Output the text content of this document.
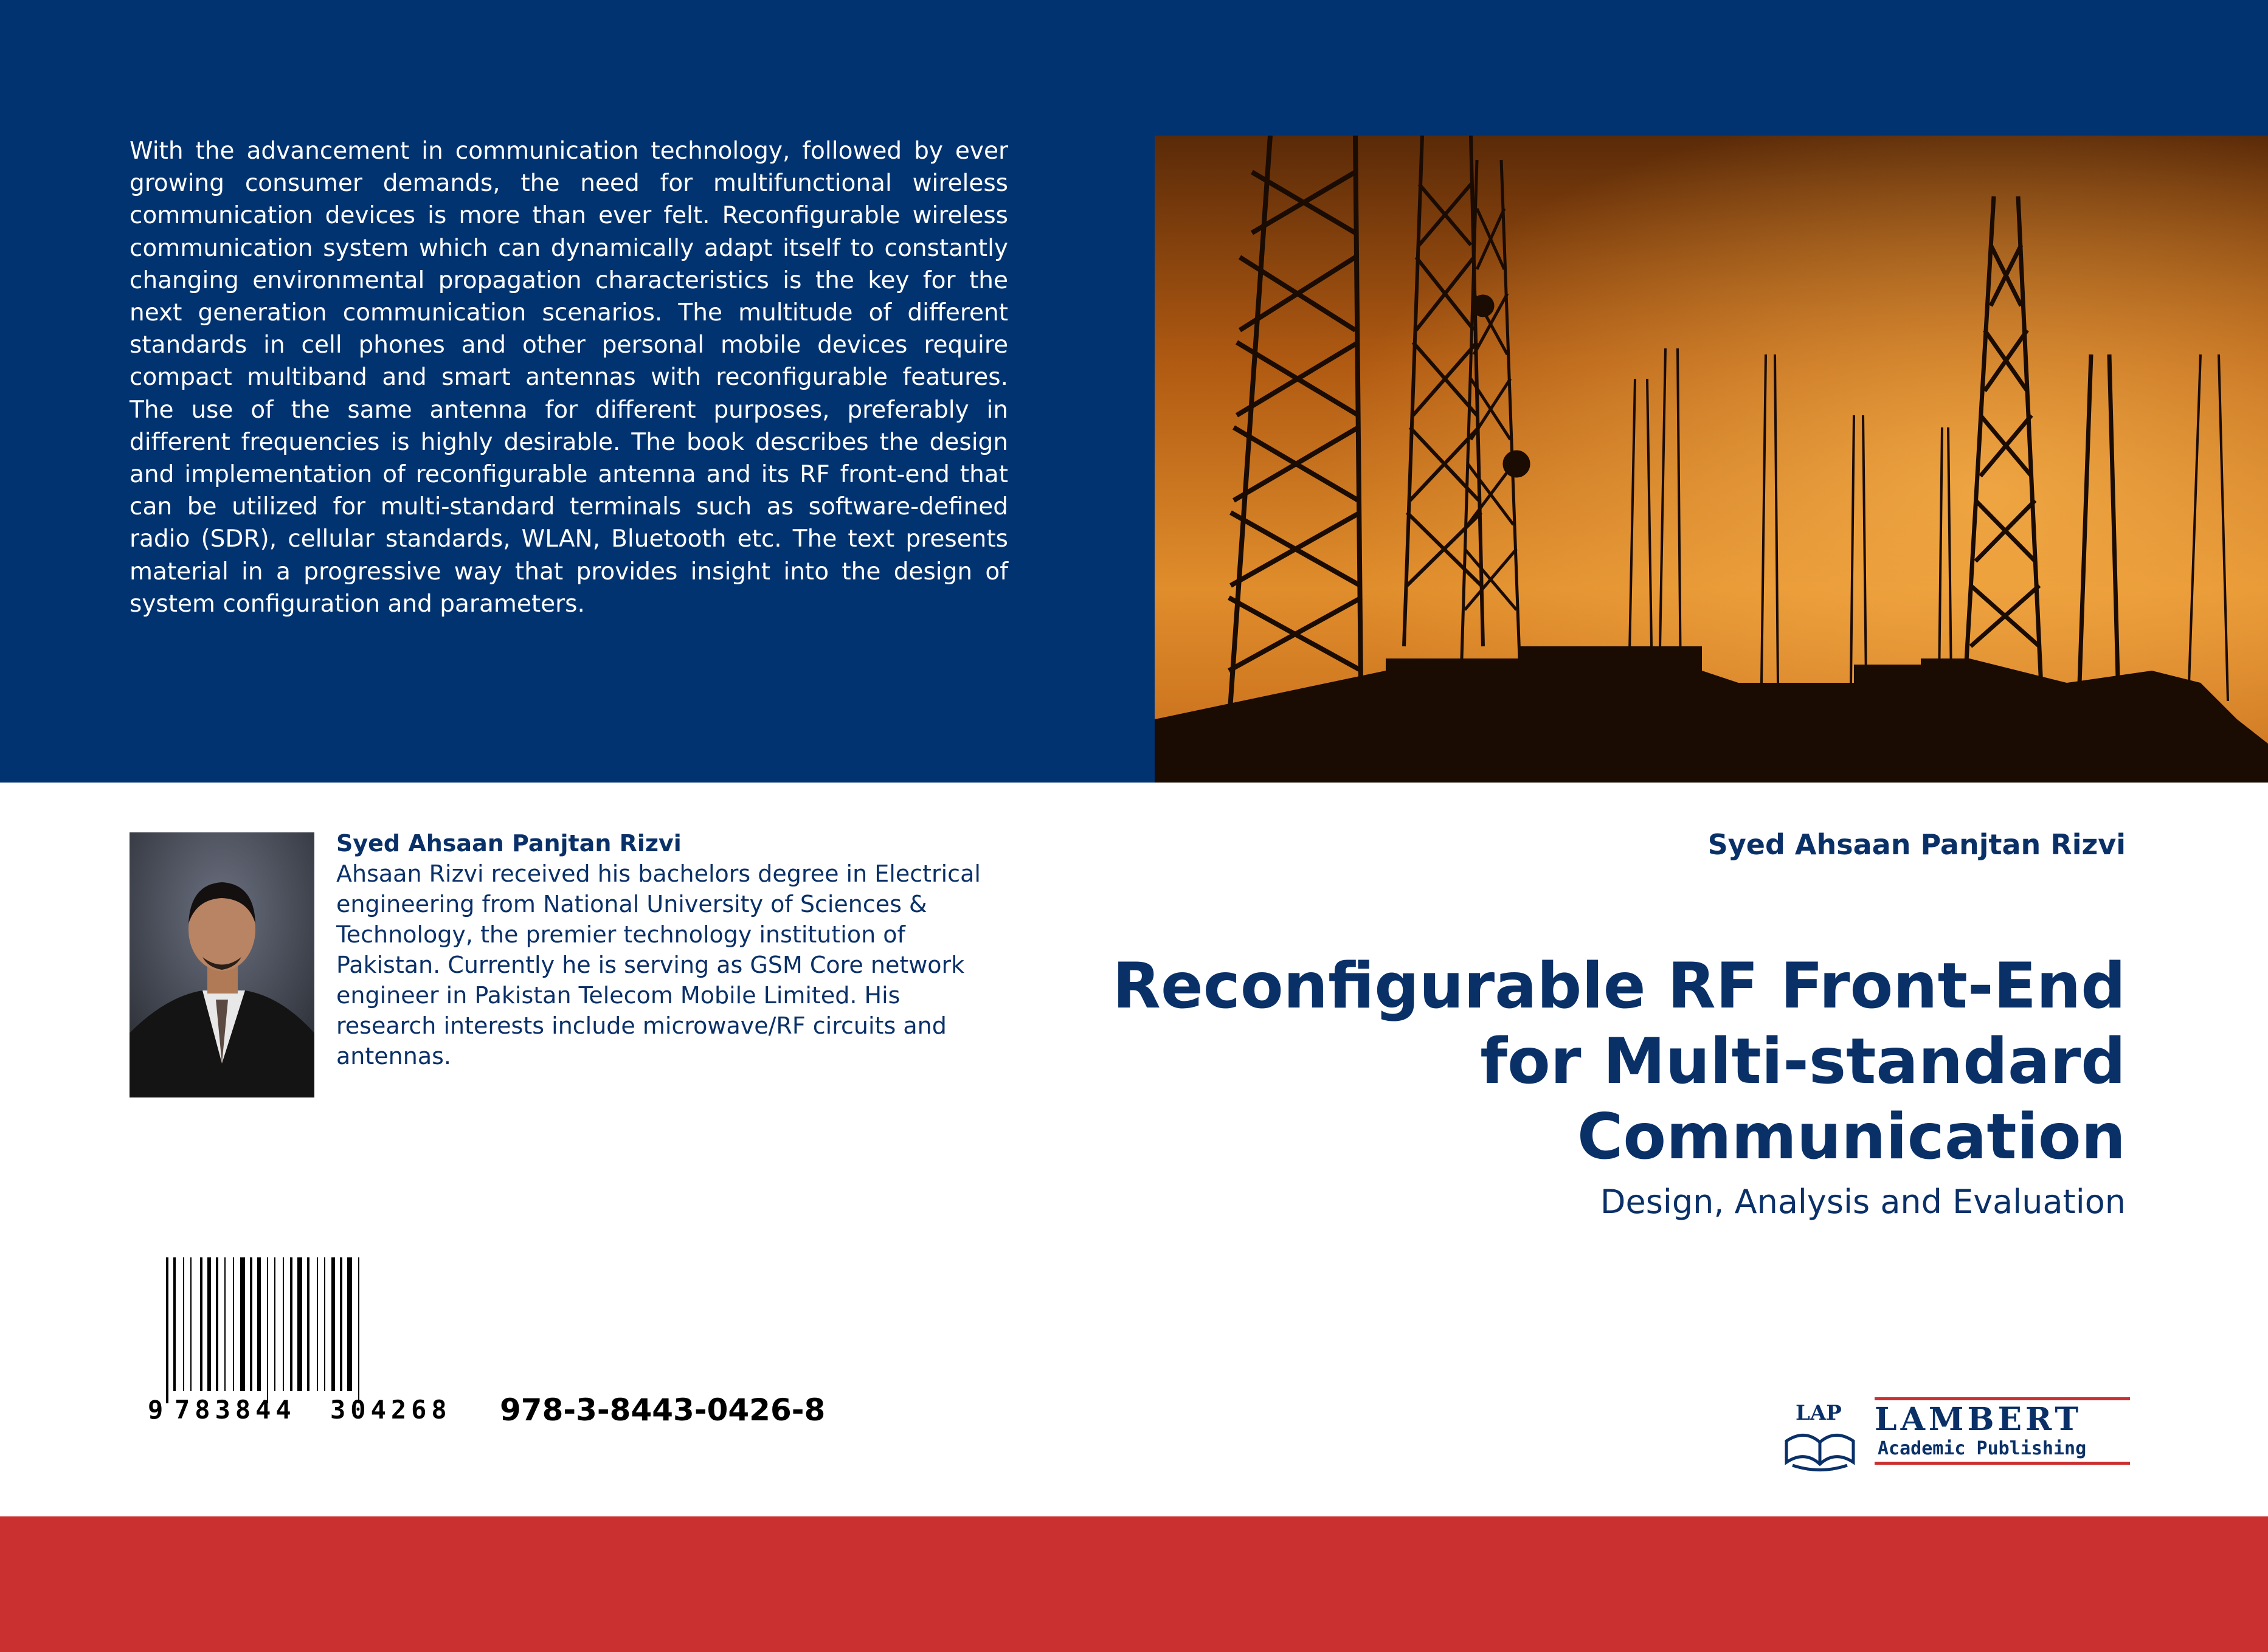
With the advancement in communication technology, followed by ever growing consumer demands, the need for multifunctional wireless communication devices is more than ever felt. Reconfigurable wireless communication system which can dynamically adapt itself to constantly changing environmental propagation characteristics is the key for the next generation communication scenarios. The multitude of different standards in cell phones and other personal mobile devices require compact multiband and smart antennas with reconfigurable features. The use of the same antenna for different purposes, preferably in different frequencies is highly desirable. The book describes the design and implementation of reconfigurable antenna and its RF front-end that can be utilized for multi-standard terminals such as software-defined radio (SDR), cellular standards, WLAN, Bluetooth etc. The text presents material in a progressive way that provides insight into the design of system configuration and parameters.

Syed Ahsaan Panjtan Rizvi
Ahsaan Rizvi received his bachelors degree in Electrical engineering from National University of Sciences & Technology, the premier technology institution of Pakistan. Currently he is serving as GSM Core network engineer in Pakistan Telecom Mobile Limited. His research interests include microwave/RF circuits and antennas.
Syed Ahsaan Panjtan Rizvi
Reconfigurable RF Front-End
for Multi-standard
Communication
Design, Analysis and Evaluation
9 783844 304268 978-3-8443-0426-8	LAP LAMBERT
Academic Publishing
